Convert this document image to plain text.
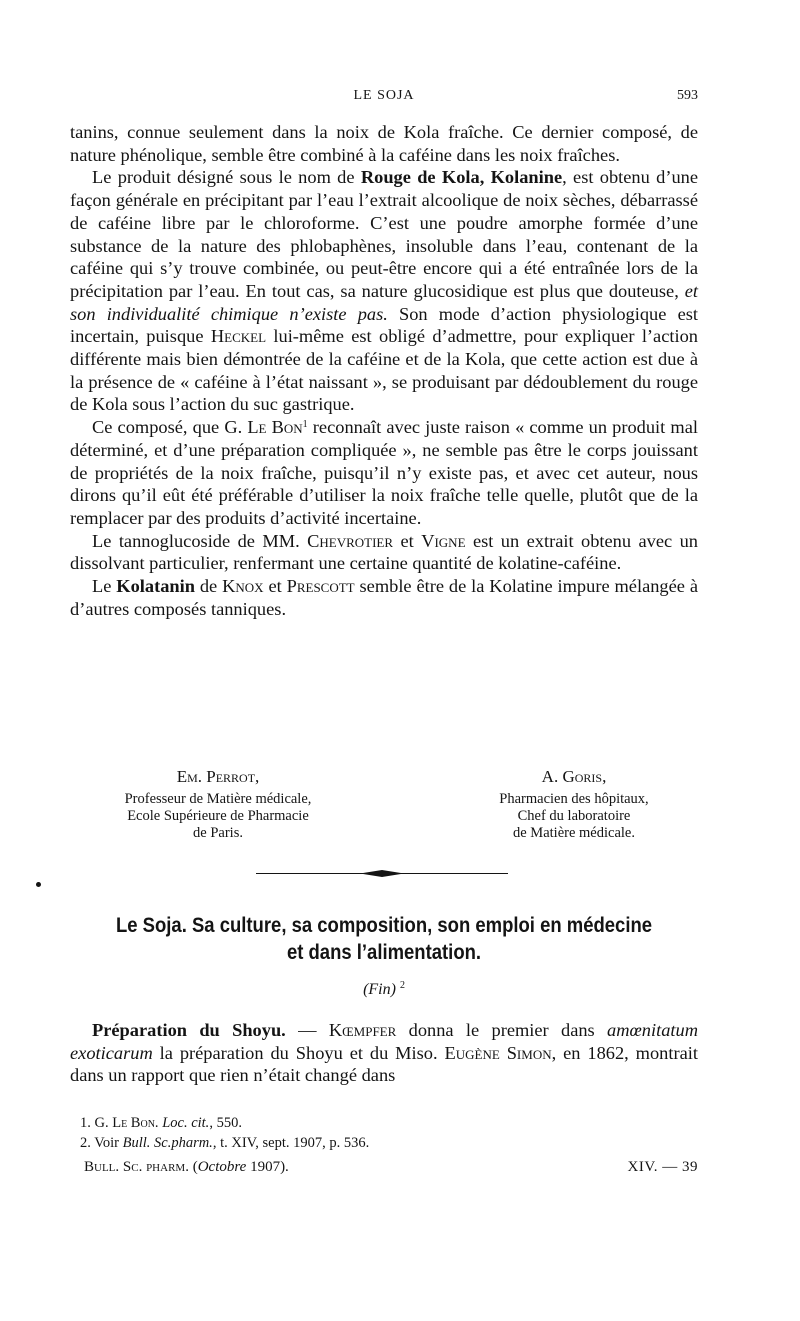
LE SOJA	593

tanins, connue seulement dans la noix de Kola fraîche. Ce dernier composé, de nature phénolique, semble être combiné à la caféine dans les noix fraîches.

Le produit désigné sous le nom de Rouge de Kola, Kolanine, est obtenu d’une façon générale en précipitant par l’eau l’extrait alcoolique de noix sèches, débarrassé de caféine libre par le chloroforme. C’est une poudre amorphe formée d’une substance de la nature des phlobaphènes, insoluble dans l’eau, contenant de la caféine qui s’y trouve combinée, ou peut-être encore qui a été entraînée lors de la précipitation par l’eau. En tout cas, sa nature glucosidique est plus que douteuse, et son individualité chimique n’existe pas. Son mode d’action physiologique est incertain, puisque Heckel lui-même est obligé d’admettre, pour expliquer l’action différente mais bien démontrée de la caféine et de la Kola, que cette action est due à la présence de « caféine à l’état naissant », se produisant par dédoublement du rouge de Kola sous l’action du suc gastrique.

Ce composé, que G. Le Bon$^1$ reconnaît avec juste raison « comme un produit mal déterminé, et d’une préparation compliquée », ne semble pas être le corps jouissant de propriétés de la noix fraîche, puisqu’il n’y existe pas, et avec cet auteur, nous dirons qu’il eût été préférable d’utiliser la noix fraîche telle quelle, plutôt que de la remplacer par des produits d’activité incertaine.

Le tannoglucoside de MM. Chevrotier et Vigne est un extrait obtenu avec un dissolvant particulier, renfermant une certaine quantité de kolatine-caféine.

Le Kolatanin de Knox et Prescott semble être de la Kolatine impure mélangée à d’autres composés tanniques.

Em. Perrot,
Professeur de Matière médicale,
Ecole Supérieure de Pharmacie
de Paris.
A. Goris,
Pharmacien des hôpitaux,
Chef du laboratoire
de Matière médicale.
Le Soja. Sa culture, sa composition, son emploi en médecine
et dans l’alimentation.
(Fin) $^2$

Préparation du Shoyu. — Kœmpfer donna le premier dans amœnitatum exoticarum la préparation du Shoyu et du Miso. Eugène Simon, en 1862, montrait dans un rapport que rien n’était changé dans

1. G. Le Bon. Loc. cit., 550.
2. Voir Bull. Sc.pharm., t. XIV, sept. 1907, p. 536.
Bull. Sc. pharm. (Octobre 1907).	XIV. — 39
